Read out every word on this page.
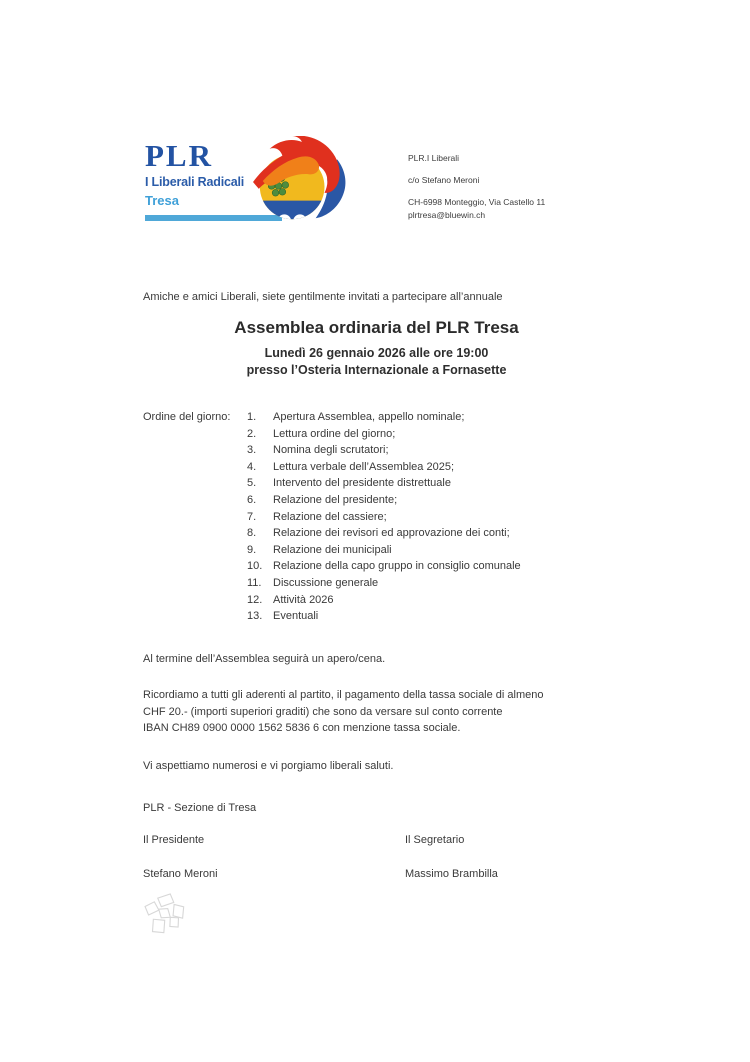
PLR
I Liberali Radicali
Tresa

PLR.I Liberali

c/o Stefano Meroni

CH-6998 Monteggio, Via Castello 11

plrtresa@bluewin.ch

Amiche e amici Liberali, siete gentilmente invitati a partecipare all’annuale
Assemblea ordinaria del PLR Tresa
Lunedì 26 gennaio 2026 alle ore 19:00
presso l’Osteria Internazionale a Fornasette
Ordine del giorno: 1. Apertura Assemblea, appello nominale;
2. Lettura ordine del giorno;
3. Nomina degli scrutatori;
4. Lettura verbale dell’Assemblea 2025;
5. Intervento del presidente distrettuale
6. Relazione del presidente;
7. Relazione del cassiere;
8. Relazione dei revisori ed approvazione dei conti;
9. Relazione dei municipali
10. Relazione della capo gruppo in consiglio comunale
11. Discussione generale
12. Attività 2026
13. Eventuali
Al termine dell’Assemblea seguirà un apero/cena.
Ricordiamo a tutti gli aderenti al partito, il pagamento della tassa sociale di almeno
CHF 20.- (importi superiori graditi) che sono da versare sul conto corrente
IBAN CH89 0900 0000 1562 5836 6 con menzione tassa sociale.
Vi aspettiamo numerosi e vi porgiamo liberali saluti.
PLR - Sezione di Tresa
Il Presidente	Il Segretario
Stefano Meroni	Massimo Brambilla
